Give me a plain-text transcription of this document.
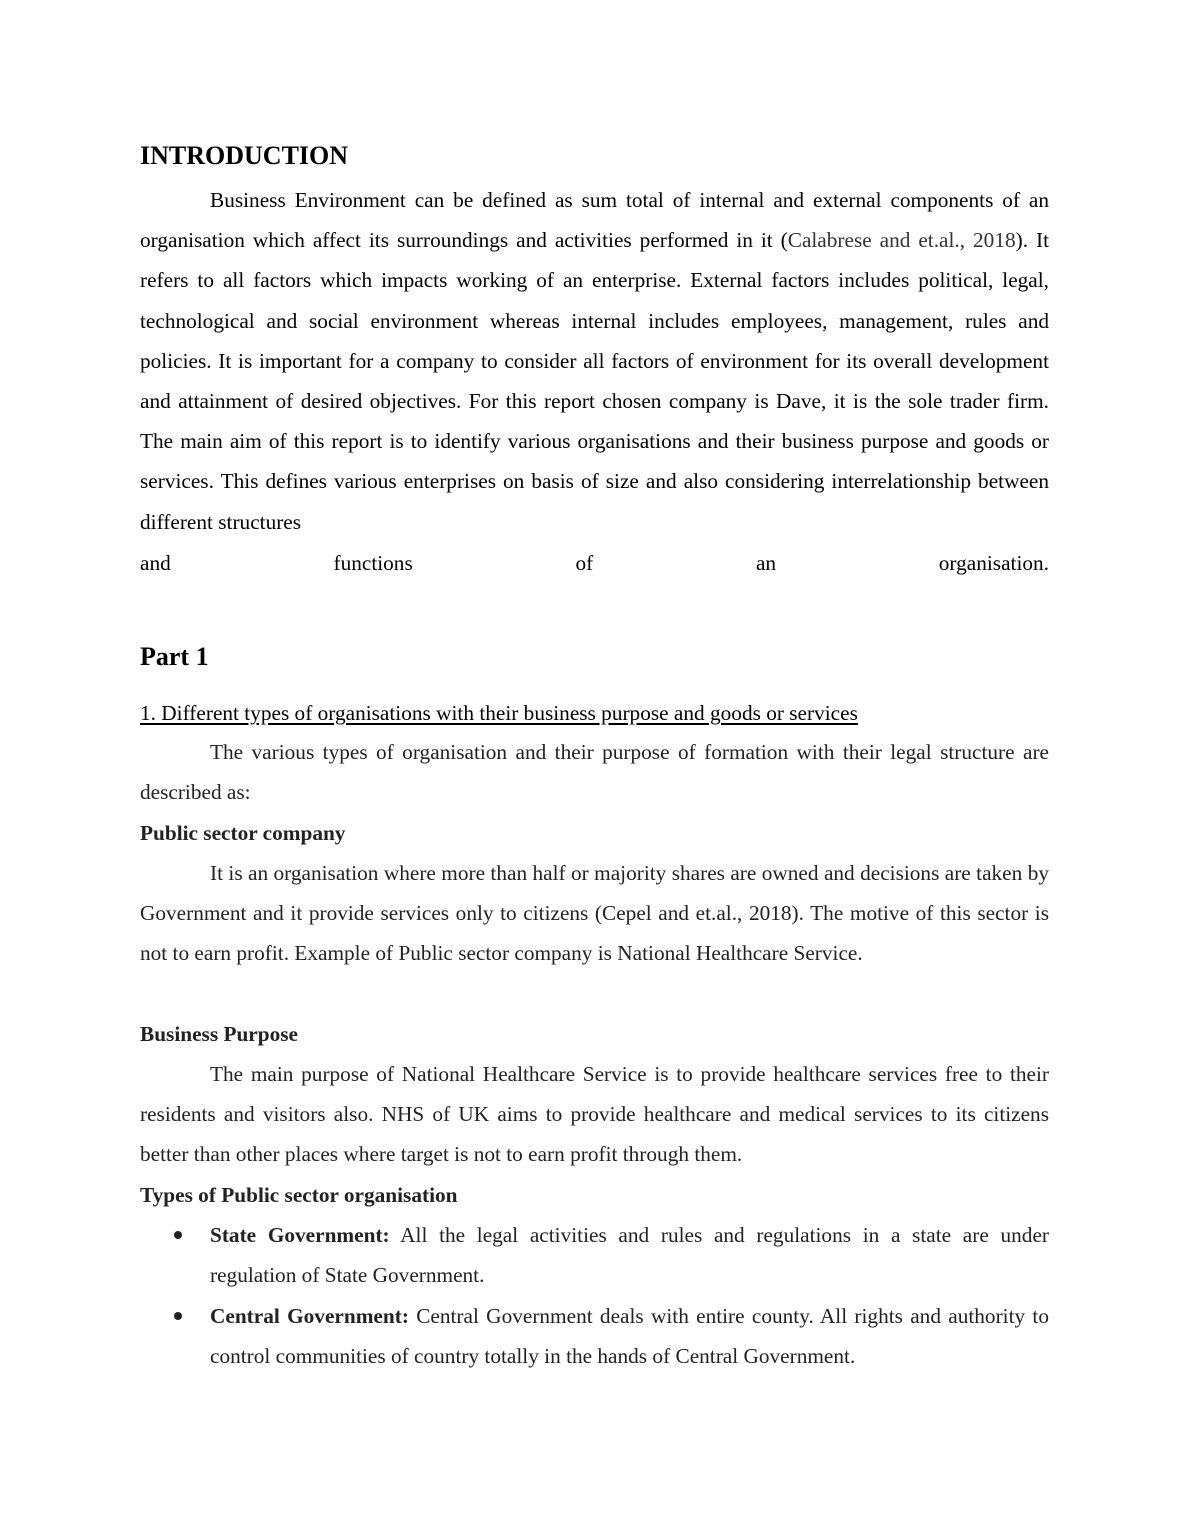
INTRODUCTION

Business Environment can be defined as sum total of internal and external components of an organisation which affect its surroundings and activities performed in it (Calabrese and et.al., 2018). It refers to all factors which impacts working of an enterprise. External factors includes political, legal, technological and social environment whereas internal includes employees, management, rules and policies. It is important for a company to consider all factors of environment for its overall development and attainment of desired objectives. For this report chosen company is Dave, it is the sole trader firm. The main aim of this report is to identify various organisations and their business purpose and goods or services. This defines various enterprises on basis of size and also considering interrelationship between different structures

and functions of an organisation.

Part 1

1. Different types of organisations with their business purpose and goods or services

The various types of organisation and their purpose of formation with their legal structure are described as:

Public sector company

It is an organisation where more than half or majority shares are owned and decisions are taken by Government and it provide services only to citizens (Cepel and et.al., 2018). The motive of this sector is not to earn profit. Example of Public sector company is National Healthcare Service.

Business Purpose

The main purpose of National Healthcare Service is to provide healthcare services free to their residents and visitors also. NHS of UK aims to provide healthcare and medical services to its citizens better than other places where target is not to earn profit through them.

Types of Public sector organisation

State Government: All the legal activities and rules and regulations in a state are under regulation of State Government.
Central Government: Central Government deals with entire county. All rights and authority to control communities of country totally in the hands of Central Government.
